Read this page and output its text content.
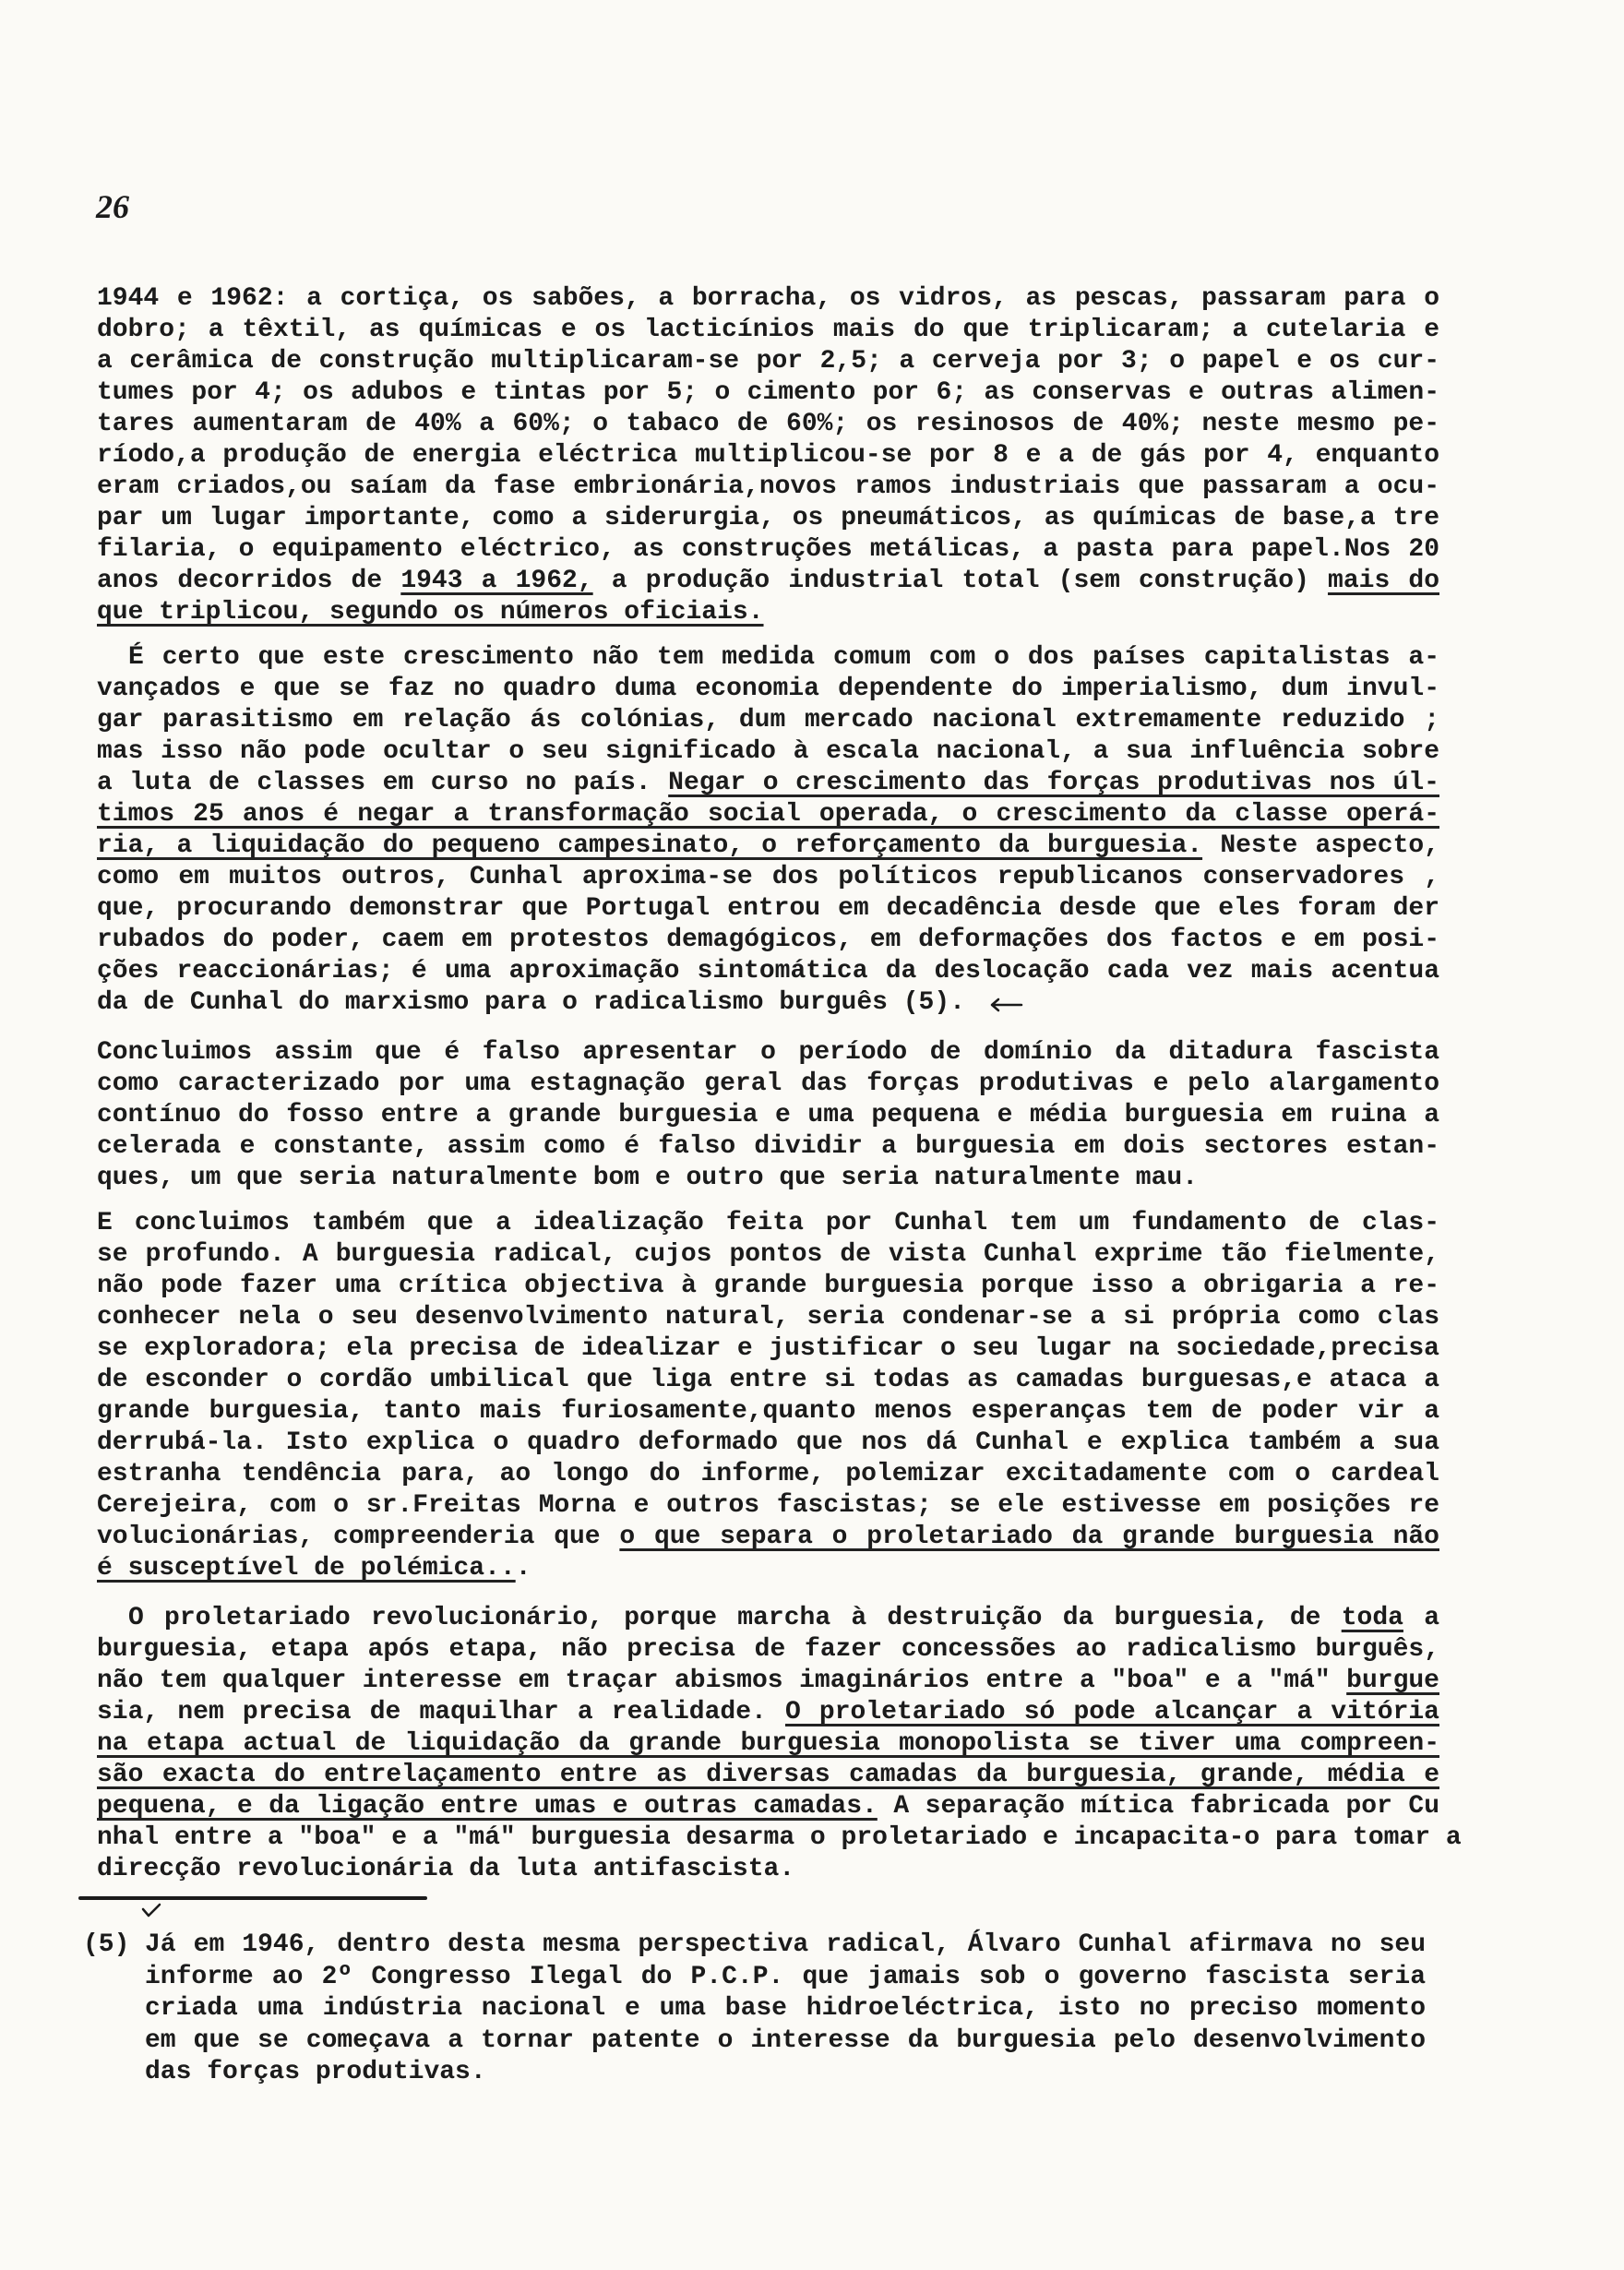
26
1944 e 1962: a cortiça, os sabões, a borracha, os vidros, as pescas, passaram para o
dobro; a têxtil, as químicas e os lacticínios mais do que triplicaram; a cutelaria e
a cerâmica de construção multiplicaram-se por 2,5; a cerveja por 3; o papel e os cur-
tumes por 4; os adubos e tintas por 5; o cimento por 6; as conservas e outras alimen-
tares aumentaram de 40% a 60%; o tabaco de 60%; os resinosos de 40%; neste mesmo pe-
ríodo,a produção de energia eléctrica multiplicou-se por 8 e a de gás por 4, enquanto
eram criados,ou saíam da fase embrionária,novos ramos industriais que passaram a ocu-
par um lugar importante, como a siderurgia, os pneumáticos, as químicas de base,a tre
filaria, o equipamento eléctrico, as construções metálicas, a pasta para papel.Nos 20
anos decorridos de 1943 a 1962, a produção industrial total (sem construção) mais do
que triplicou, segundo os números oficiais.
É certo que este crescimento não tem medida comum com o dos países capitalistas a-
vançados e que se faz no quadro duma economia dependente do imperialismo, dum invul-
gar parasitismo em relação ás colónias, dum mercado nacional extremamente reduzido ;
mas isso não pode ocultar o seu significado à escala nacional, a sua influência sobre
a luta de classes em curso no país. Negar o crescimento das forças produtivas nos úl-
timos 25 anos é negar a transformação social operada, o crescimento da classe operá-
ria, a liquidação do pequeno campesinato, o reforçamento da burguesia. Neste aspecto,
como em muitos outros, Cunhal aproxima-se dos políticos republicanos conservadores ,
que, procurando demonstrar que Portugal entrou em decadência desde que eles foram der
rubados do poder, caem em protestos demagógicos, em deformações dos factos e em posi-
ções reaccionárias; é uma aproximação sintomática da deslocação cada vez mais acentua
da de Cunhal do marxismo para o radicalismo burguês (5).
Concluimos assim que é falso apresentar o período de domínio da ditadura fascista
como caracterizado por uma estagnação geral das forças produtivas e pelo alargamento
contínuo do fosso entre a grande burguesia e uma pequena e média burguesia em ruina a
celerada e constante, assim como é falso dividir a burguesia em dois sectores estan-
ques, um que seria naturalmente bom e outro que seria naturalmente mau.
E concluimos também que a idealização feita por Cunhal tem um fundamento de clas-
se profundo. A burguesia radical, cujos pontos de vista Cunhal exprime tão fielmente,
não pode fazer uma crítica objectiva à grande burguesia porque isso a obrigaria a re-
conhecer nela o seu desenvolvimento natural, seria condenar-se a si própria como clas
se exploradora; ela precisa de idealizar e justificar o seu lugar na sociedade,precisa
de esconder o cordão umbilical que liga entre si todas as camadas burguesas,e ataca a
grande burguesia, tanto mais furiosamente,quanto menos esperanças tem de poder vir a
derrubá-la. Isto explica o quadro deformado que nos dá Cunhal e explica também a sua
estranha tendência para, ao longo do informe, polemizar excitadamente com o cardeal
Cerejeira, com o sr.Freitas Morna e outros fascistas; se ele estivesse em posições re
volucionárias, compreenderia que o que separa o proletariado da grande burguesia não
é susceptível de polémica...
O proletariado revolucionário, porque marcha à destruição da burguesia, de toda a
burguesia, etapa após etapa, não precisa de fazer concessões ao radicalismo burguês,
não tem qualquer interesse em traçar abismos imaginários entre a "boa" e a "má" burgue
sia, nem precisa de maquilhar a realidade. O proletariado só pode alcançar a vitória
na etapa actual de liquidação da grande burguesia monopolista se tiver uma compreen-
são exacta do entrelaçamento entre as diversas camadas da burguesia, grande, média e
pequena, e da ligação entre umas e outras camadas. A separação mítica fabricada por Cu
nhal entre a "boa" e a "má" burguesia desarma o proletariado e incapacita-o para tomar a
direcção revolucionária da luta antifascista.
(5) Já em 1946, dentro desta mesma perspectiva radical, Álvaro Cunhal afirmava no seu
informe ao 2º Congresso Ilegal do P.C.P. que jamais sob o governo fascista seria
criada uma indústria nacional e uma base hidroeléctrica, isto no preciso momento
em que se começava a tornar patente o interesse da burguesia pelo desenvolvimento
das forças produtivas.
